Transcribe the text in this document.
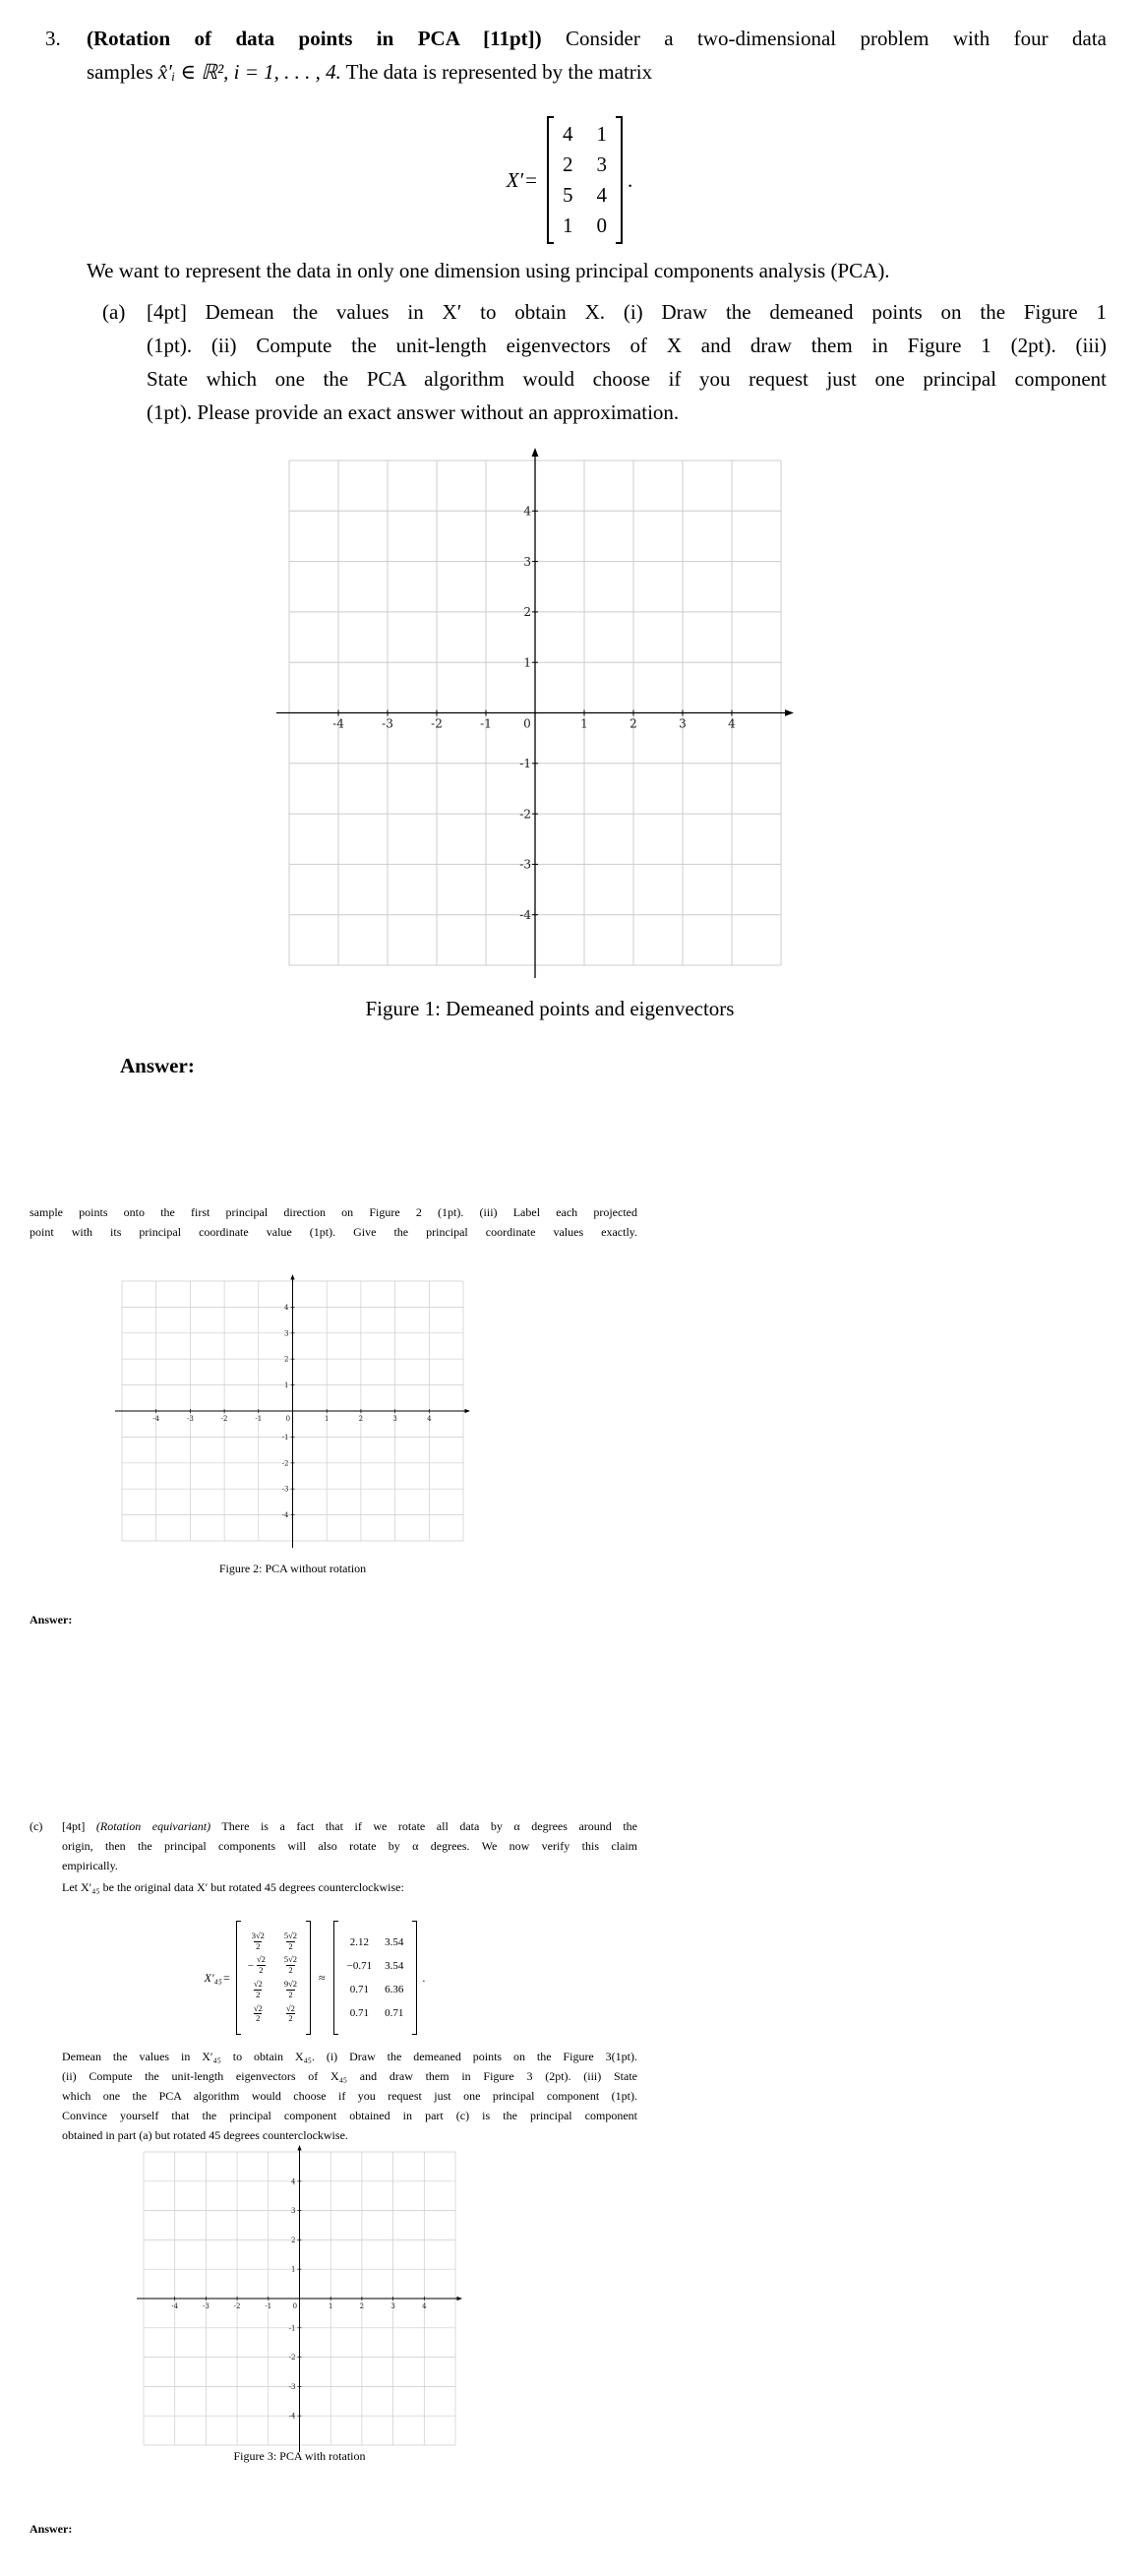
3.	(Rotation of data points in PCA [11pt]) Consider a two-dimensional problem with four data
samples x̂′ᵢ ∈ ℝ², i = 1, . . . , 4. The data is represented by the matrix
X′ =
4 1
2 3
5 4
1 0
.
We want to represent the data in only one dimension using principal components analysis (PCA).
(a)	[4pt] Demean the values in X′ to obtain X. (i) Draw the demeaned points on the Figure 1
(1pt). (ii) Compute the unit-length eigenvectors of X and draw them in Figure 1 (2pt). (iii)
State which one the PCA algorithm would choose if you request just one principal component
(1pt). Please provide an exact answer without an approximation.
-4	-3	-2	-1	0	1	2	3	4
4
3
2
1
-1
-2
-3
-4
Figure 1: Demeaned points and eigenvectors
Answer:
sample points onto the first principal direction on Figure 2 (1pt). (iii) Label each projected
point with its principal coordinate value (1pt). Give the principal coordinate values exactly.
-4	-3	-2	-1	0	1	2	3	4
4
3
2
1
-1
-2
-3
-4
Figure 2: PCA without rotation
Answer:
(c)	[4pt] (Rotation equivariant) There is a fact that if we rotate all data by α degrees around the
origin, then the principal components will also rotate by α degrees. We now verify this claim
empirically.
Let X′₄₅ be the original data X′ but rotated 45 degrees counterclockwise:
X′₄₅ =
$\frac{3√2}{2} \frac{5√2}{2}$
− $\frac{√2}{2} \frac{5√2}{2}$
$\frac{√2}{2} \frac{9√2}{2}$
$\frac{√2}{2} \frac{√2}{2}$
≈
2.12 3.54
−0.71 3.54
0.71 6.36
0.71 0.71
.
Demean the values in X′₄₅ to obtain X₄₅. (i) Draw the demeaned points on the Figure 3(1pt).
(ii) Compute the unit-length eigenvectors of X₄₅ and draw them in Figure 3 (2pt). (iii) State
which one the PCA algorithm would choose if you request just one principal component (1pt).
Convince yourself that the principal component obtained in part (c) is the principal component
obtained in part (a) but rotated 45 degrees counterclockwise.
-4	-3	-2	-1	0	1	2	3	4
4
3
2
1
-1
-2
-3
-4
Figure 3: PCA with rotation
Answer:
